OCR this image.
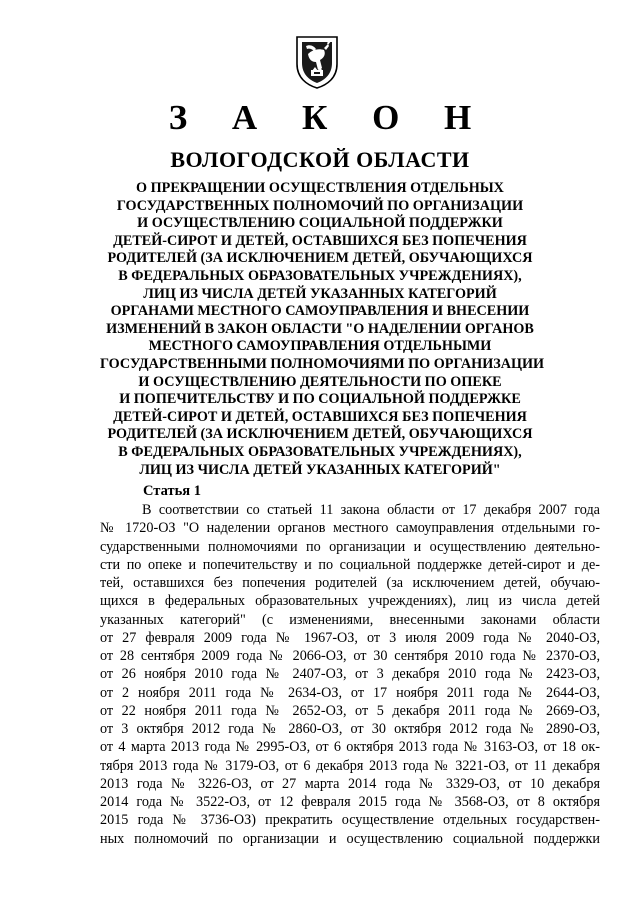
З А К О Н
ВОЛОГОДСКОЙ ОБЛАСТИ
О ПРЕКРАЩЕНИИ ОСУЩЕСТВЛЕНИЯ ОТДЕЛЬНЫХ
ГОСУДАРСТВЕННЫХ ПОЛНОМОЧИЙ ПО ОРГАНИЗАЦИИ
И ОСУЩЕСТВЛЕНИЮ СОЦИАЛЬНОЙ ПОДДЕРЖКИ
ДЕТЕЙ-СИРОТ И ДЕТЕЙ, ОСТАВШИХСЯ БЕЗ ПОПЕЧЕНИЯ
РОДИТЕЛЕЙ (ЗА ИСКЛЮЧЕНИЕМ ДЕТЕЙ, ОБУЧАЮЩИХСЯ
В ФЕДЕРАЛЬНЫХ ОБРАЗОВАТЕЛЬНЫХ УЧРЕЖДЕНИЯХ),
ЛИЦ ИЗ ЧИСЛА ДЕТЕЙ УКАЗАННЫХ КАТЕГОРИЙ
ОРГАНАМИ МЕСТНОГО САМОУПРАВЛЕНИЯ И ВНЕСЕНИИ
ИЗМЕНЕНИЙ В ЗАКОН ОБЛАСТИ "О НАДЕЛЕНИИ ОРГАНОВ
МЕСТНОГО САМОУПРАВЛЕНИЯ ОТДЕЛЬНЫМИ
ГОСУДАРСТВЕННЫМИ ПОЛНОМОЧИЯМИ ПО ОРГАНИЗАЦИИ
И ОСУЩЕСТВЛЕНИЮ ДЕЯТЕЛЬНОСТИ ПО ОПЕКЕ
И ПОПЕЧИТЕЛЬСТВУ И ПО СОЦИАЛЬНОЙ ПОДДЕРЖКЕ
ДЕТЕЙ-СИРОТ И ДЕТЕЙ, ОСТАВШИХСЯ БЕЗ ПОПЕЧЕНИЯ
РОДИТЕЛЕЙ (ЗА ИСКЛЮЧЕНИЕМ ДЕТЕЙ, ОБУЧАЮЩИХСЯ
В ФЕДЕРАЛЬНЫХ ОБРАЗОВАТЕЛЬНЫХ УЧРЕЖДЕНИЯХ),
ЛИЦ ИЗ ЧИСЛА ДЕТЕЙ УКАЗАННЫХ КАТЕГОРИЙ"
Статья 1
В соответствии со статьей 11 закона области от 17 декабря 2007 года
№ 1720-ОЗ "О наделении органов местного самоуправления отдельными го-
сударственными полномочиями по организации и осуществлению деятельно-
сти по опеке и попечительству и по социальной поддержке детей-сирот и де-
тей, оставшихся без попечения родителей (за исключением детей, обучаю-
щихся в федеральных образовательных учреждениях), лиц из числа детей
указанных категорий" (с изменениями, внесенными законами области
от 27 февраля 2009 года № 1967-ОЗ, от 3 июля 2009 года № 2040-ОЗ,
от 28 сентября 2009 года № 2066-ОЗ, от 30 сентября 2010 года № 2370-ОЗ,
от 26 ноября 2010 года № 2407-ОЗ, от 3 декабря 2010 года № 2423-ОЗ,
от 2 ноября 2011 года № 2634-ОЗ, от 17 ноября 2011 года № 2644-ОЗ,
от 22 ноября 2011 года № 2652-ОЗ, от 5 декабря 2011 года № 2669-ОЗ,
от 3 октября 2012 года № 2860-ОЗ, от 30 октября 2012 года № 2890-ОЗ,
от 4 марта 2013 года № 2995-ОЗ, от 6 октября 2013 года № 3163-ОЗ, от 18 ок-
тября 2013 года № 3179-ОЗ, от 6 декабря 2013 года № 3221-ОЗ, от 11 декабря
2013 года № 3226-ОЗ, от 27 марта 2014 года № 3329-ОЗ, от 10 декабря
2014 года № 3522-ОЗ, от 12 февраля 2015 года № 3568-ОЗ, от 8 октября
2015 года № 3736-ОЗ) прекратить осуществление отдельных государствен-
ных полномочий по организации и осуществлению социальной поддержки
